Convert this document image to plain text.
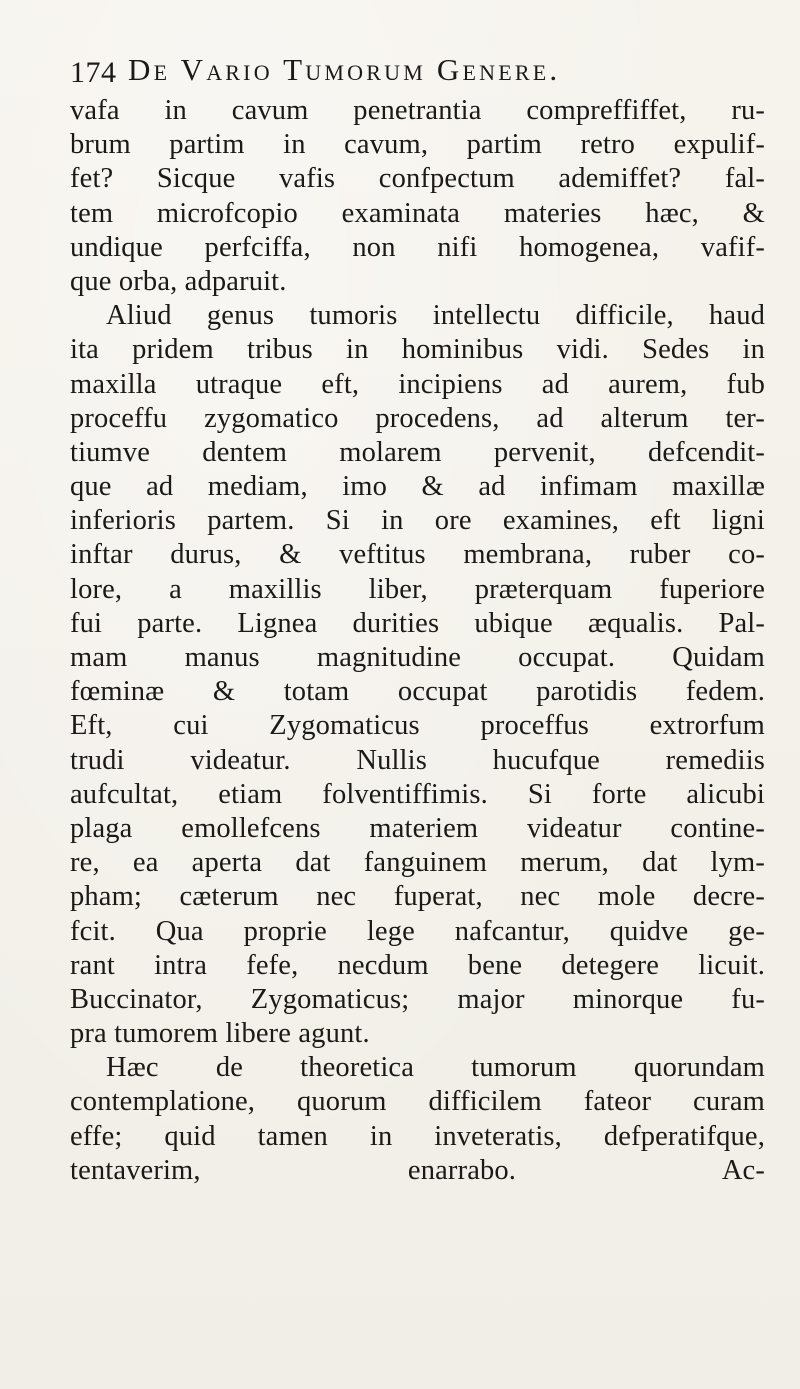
174 De Vario Tumorum Genere.
vafa in cavum penetrantia compreffiffet, ru-
brum partim in cavum, partim retro expulif-
fet? Sicque vafis confpectum ademiffet? fal-
tem microfcopio examinata materies hæc, &
undique perfciffa, non nifi homogenea, vafif-
que orba, adparuit.
Aliud genus tumoris intellectu difficile, haud
ita pridem tribus in hominibus vidi. Sedes in
maxilla utraque eft, incipiens ad aurem, fub
proceffu zygomatico procedens, ad alterum ter-
tiumve dentem molarem pervenit, defcendit-
que ad mediam, imo & ad infimam maxillæ
inferioris partem. Si in ore examines, eft ligni
inftar durus, & veftitus membrana, ruber co-
lore, a maxillis liber, præterquam fuperiore
fui parte. Lignea durities ubique æqualis. Pal-
mam manus magnitudine occupat. Quidam
fœminæ & totam occupat parotidis fedem.
Eft, cui Zygomaticus proceffus extrorfum
trudi videatur. Nullis hucufque remediis
aufcultat, etiam folventiffimis. Si forte alicubi
plaga emollefcens materiem videatur contine-
re, ea aperta dat fanguinem merum, dat lym-
pham; cæterum nec fuperat, nec mole decre-
fcit. Qua proprie lege nafcantur, quidve ge-
rant intra fefe, necdum bene detegere licuit.
Buccinator, Zygomaticus; major minorque fu-
pra tumorem libere agunt.
Hæc de theoretica tumorum quorundam
contemplatione, quorum difficilem fateor curam
effe; quid tamen in inveteratis, defperatifque,
tentaverim, enarrabo.	Ac-
